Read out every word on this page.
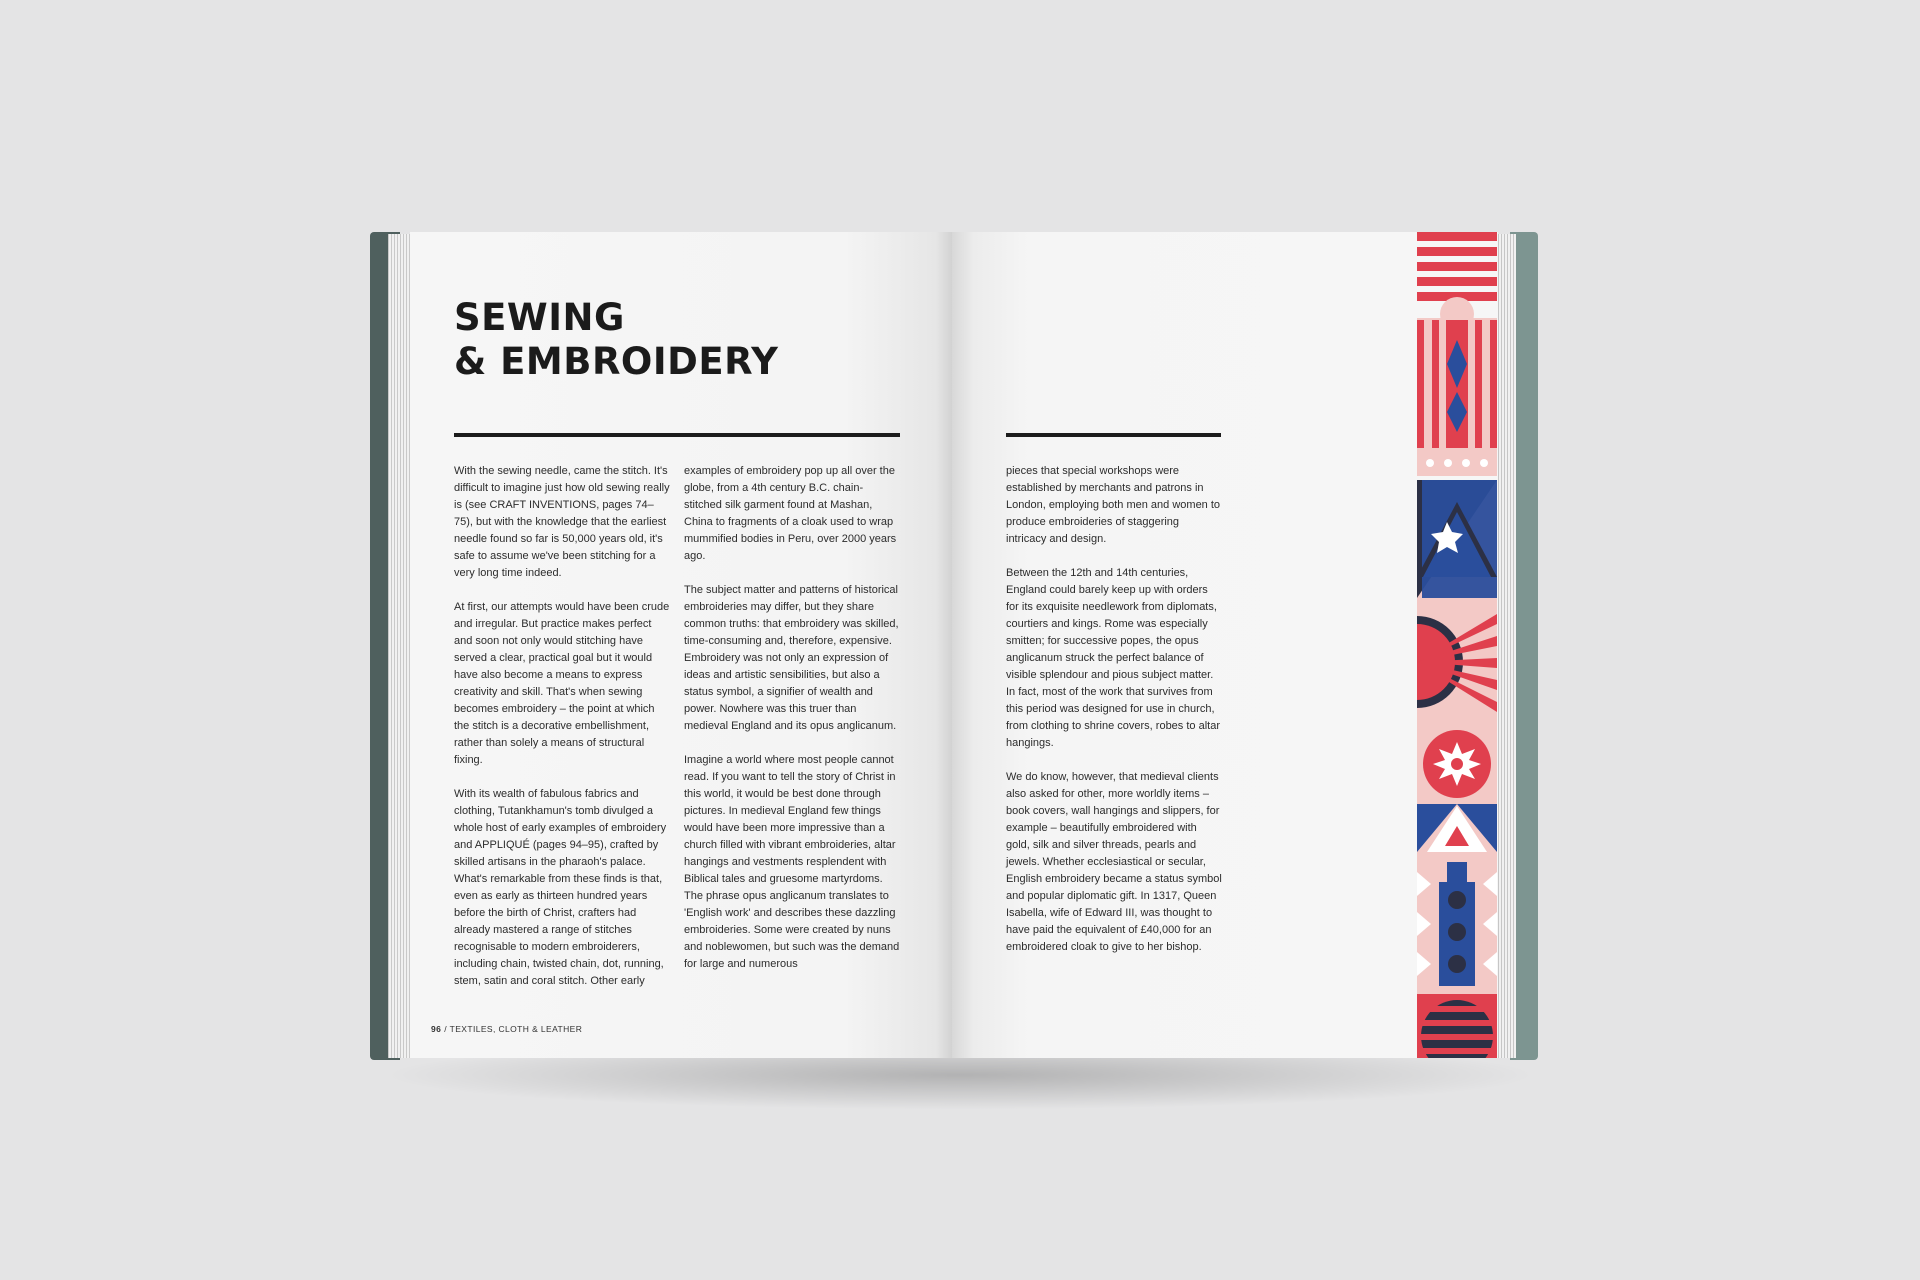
SEWING
& EMBROIDERY

With the sewing needle, came the stitch. It's difficult to imagine just how old sewing really is (see CRAFT INVENTIONS, pages 74–75), but with the knowledge that the earliest needle found so far is 50,000 years old, it's safe to assume we've been stitching for a very long time indeed.

At first, our attempts would have been crude and irregular. But practice makes perfect and soon not only would stitching have served a clear, practical goal but it would have also become a means to express creativity and skill. That's when sewing becomes embroidery – the point at which the stitch is a decorative embellishment, rather than solely a means of structural fixing.

With its wealth of fabulous fabrics and clothing, Tutankhamun's tomb divulged a whole host of early examples of embroidery and APPLIQUÉ (pages 94–95), crafted by skilled artisans in the pharaoh's palace. What's remarkable from these finds is that, even as early as thirteen hundred years before the birth of Christ, crafters had already mastered a range of stitches recognisable to modern embroiderers, including chain, twisted chain, dot, running, stem, satin and coral stitch. Other early

examples of embroidery pop up all over the globe, from a 4th century B.C. chain-stitched silk garment found at Mashan, China to fragments of a cloak used to wrap mummified bodies in Peru, over 2000 years ago.

The subject matter and patterns of historical embroideries may differ, but they share common truths: that embroidery was skilled, time-consuming and, therefore, expensive. Embroidery was not only an expression of ideas and artistic sensibilities, but also a status symbol, a signifier of wealth and power. Nowhere was this truer than medieval England and its opus anglicanum.

Imagine a world where most people cannot read. If you want to tell the story of Christ in this world, it would be best done through pictures. In medieval England few things would have been more impressive than a church filled with vibrant embroideries, altar hangings and vestments resplendent with Biblical tales and gruesome martyrdoms. The phrase opus anglicanum translates to 'English work' and describes these dazzling embroideries. Some were created by nuns and noblewomen, but such was the demand for large and numerous

pieces that special workshops were established by merchants and patrons in London, employing both men and women to produce embroideries of staggering intricacy and design.

Between the 12th and 14th centuries, England could barely keep up with orders for its exquisite needlework from diplomats, courtiers and kings. Rome was especially smitten; for successive popes, the opus anglicanum struck the perfect balance of visible splendour and pious subject matter. In fact, most of the work that survives from this period was designed for use in church, from clothing to shrine covers, robes to altar hangings.

We do know, however, that medieval clients also asked for other, more worldly items – book covers, wall hangings and slippers, for example – beautifully embroidered with gold, silk and silver threads, pearls and jewels. Whether ecclesiastical or secular, English embroidery became a status symbol and popular diplomatic gift. In 1317, Queen Isabella, wife of Edward III, was thought to have paid the equivalent of £40,000 for an embroidered cloak to give to her bishop.

96 / TEXTILES, CLOTH & LEATHER
